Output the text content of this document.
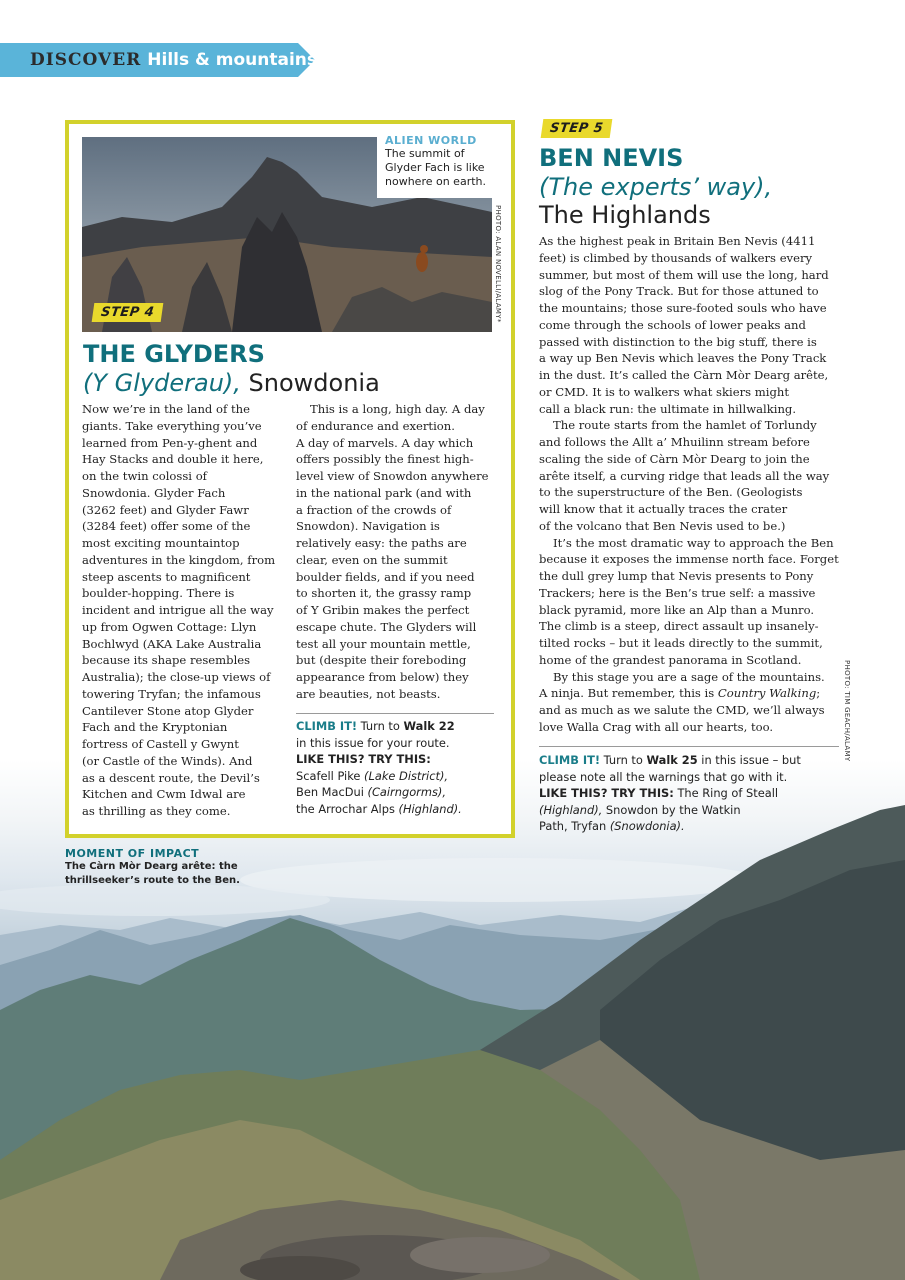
DISCOVER Hills & mountains
ALIEN WORLD
The summit of
Glyder Fach is like
nowhere on earth.
PHOTO: ALAN NOVELLI/ALAMY*
STEP 4
THE GLYDERS
(Y Glyderau), Snowdonia

Now we’re in the land of the

giants. Take everything you’ve

learned from Pen-y-ghent and

Hay Stacks and double it here,

on the twin colossi of

Snowdonia. Glyder Fach

(3262 feet) and Glyder Fawr

(3284 feet) offer some of the

most exciting mountaintop

adventures in the kingdom, from

steep ascents to magnificent

boulder-hopping. There is

incident and intrigue all the way

up from Ogwen Cottage: Llyn

Bochlwyd (AKA Lake Australia

because its shape resembles

Australia); the close-up views of

towering Tryfan; the infamous

Cantilever Stone atop Glyder

Fach and the Kryptonian

fortress of Castell y Gwynt

(or Castle of the Winds). And

as a descent route, the Devil’s

Kitchen and Cwm Idwal are

as thrilling as they come.

This is a long, high day. A day

of endurance and exertion.

A day of marvels. A day which

offers possibly the finest high-

level view of Snowdon anywhere

in the national park (and with

a fraction of the crowds of

Snowdon). Navigation is

relatively easy: the paths are

clear, even on the summit

boulder fields, and if you need

to shorten it, the grassy ramp

of Y Gribin makes the perfect

escape chute. The Glyders will

test all your mountain mettle,

but (despite their foreboding

appearance from below) they

are beauties, not beasts.

CLIMB IT! Turn to Walk 22
in this issue for your route.
LIKE THIS? TRY THIS:
Scafell Pike (Lake District),
Ben MacDui (Cairngorms),
the Arrochar Alps (Highland).
STEP 5
BEN NEVIS
(The experts’ way),
The Highlands

As the highest peak in Britain Ben Nevis (4411

feet) is climbed by thousands of walkers every

summer, but most of them will use the long, hard

slog of the Pony Track. But for those attuned to

the mountains; those sure-footed souls who have

come through the schools of lower peaks and

passed with distinction to the big stuff, there is

a way up Ben Nevis which leaves the Pony Track

in the dust. It’s called the Càrn Mòr Dearg arête,

or CMD. It is to walkers what skiers might

call a black run: the ultimate in hillwalking.

The route starts from the hamlet of Torlundy

and follows the Allt a’ Mhuilinn stream before

scaling the side of Càrn Mòr Dearg to join the

arête itself, a curving ridge that leads all the way

to the superstructure of the Ben. (Geologists

will know that it actually traces the crater

of the volcano that Ben Nevis used to be.)

It’s the most dramatic way to approach the Ben

because it exposes the immense north face. Forget

the dull grey lump that Nevis presents to Pony

Trackers; here is the Ben’s true self: a massive

black pyramid, more like an Alp than a Munro.

The climb is a steep, direct assault up insanely-

tilted rocks – but it leads directly to the summit,

home of the grandest panorama in Scotland.

By this stage you are a sage of the mountains.

A ninja. But remember, this is Country Walking;

and as much as we salute the CMD, we’ll always

love Walla Crag with all our hearts, too.	PHOTO: TIM GEACH/ALAMY
CLIMB IT! Turn to Walk 25 in this issue – but
please note all the warnings that go with it.
LIKE THIS? TRY THIS: The Ring of Steall
(Highland), Snowdon by the Watkin
Path, Tryfan (Snowdonia).
MOMENT OF IMPACT
The Càrn Mòr Dearg arête: the
thrillseeker’s route to the Ben.
